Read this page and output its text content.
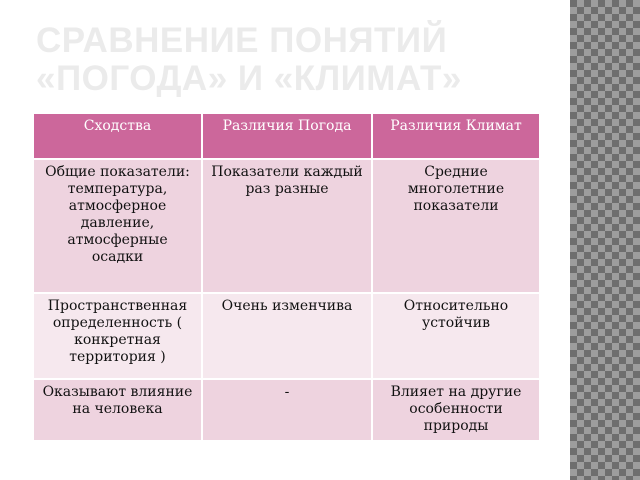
СРАВНЕНИЕ ПОНЯТИЙ
«ПОГОДА» И «КЛИМАТ»
Сходства	Различия Погода	Различия Климат
Общие показатели: температура, атмосферное давление, атмосферные осадки	Показатели каждый раз разные	Средние многолетние показатели
Пространственная определенность ( конкретная территория )	Очень изменчива	Относительно устойчив
Оказывают влияние на человека	-	Влияет на другие особенности природы
